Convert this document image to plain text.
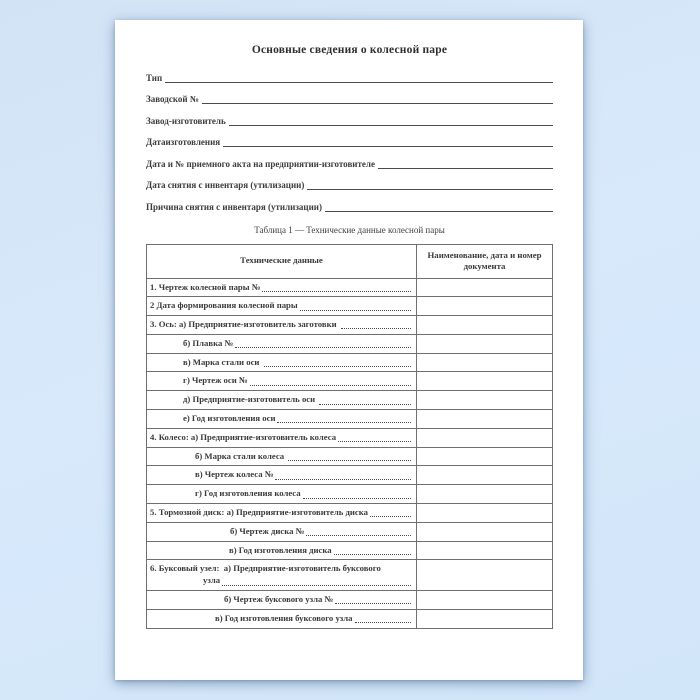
Основные сведения о колесной паре
Тип
Заводской №
Завод-изготовитель
Датаизготовления
Дата и № приемного акта на предприятии-изготовителе
Дата снятия с инвентаря (утилизации)
Причина снятия с инвентаря (утилизации)
Таблица 1 — Технические данные колесной пары
Технические данные	Наименование, дата и номер документа

1. Чертеж колесной пары №	

2 Дата формирования колесной пары	

3. Ось: а) Предприятие-изготовитель заготовки	

б) Плавка №	

в) Марка стали оси	

г) Чертеж оси №	

д) Предприятие-изготовитель оси	

е) Год изготовления оси	

4. Колесо: а) Предприятие-изготовитель колеса	

б) Марка стали колеса	

в) Чертеж колеса №	

г) Год изготовления колеса	

5. Тормозной диск: а) Предприятие-изготовитель диска	

б) Чертеж диска №	

в) Год изготовления диска	

6. Буксовый узел:  а) Предприятие-изготовитель буксового
узла	

б) Чертеж буксового узла №	

в) Год изготовления буксового узла	
